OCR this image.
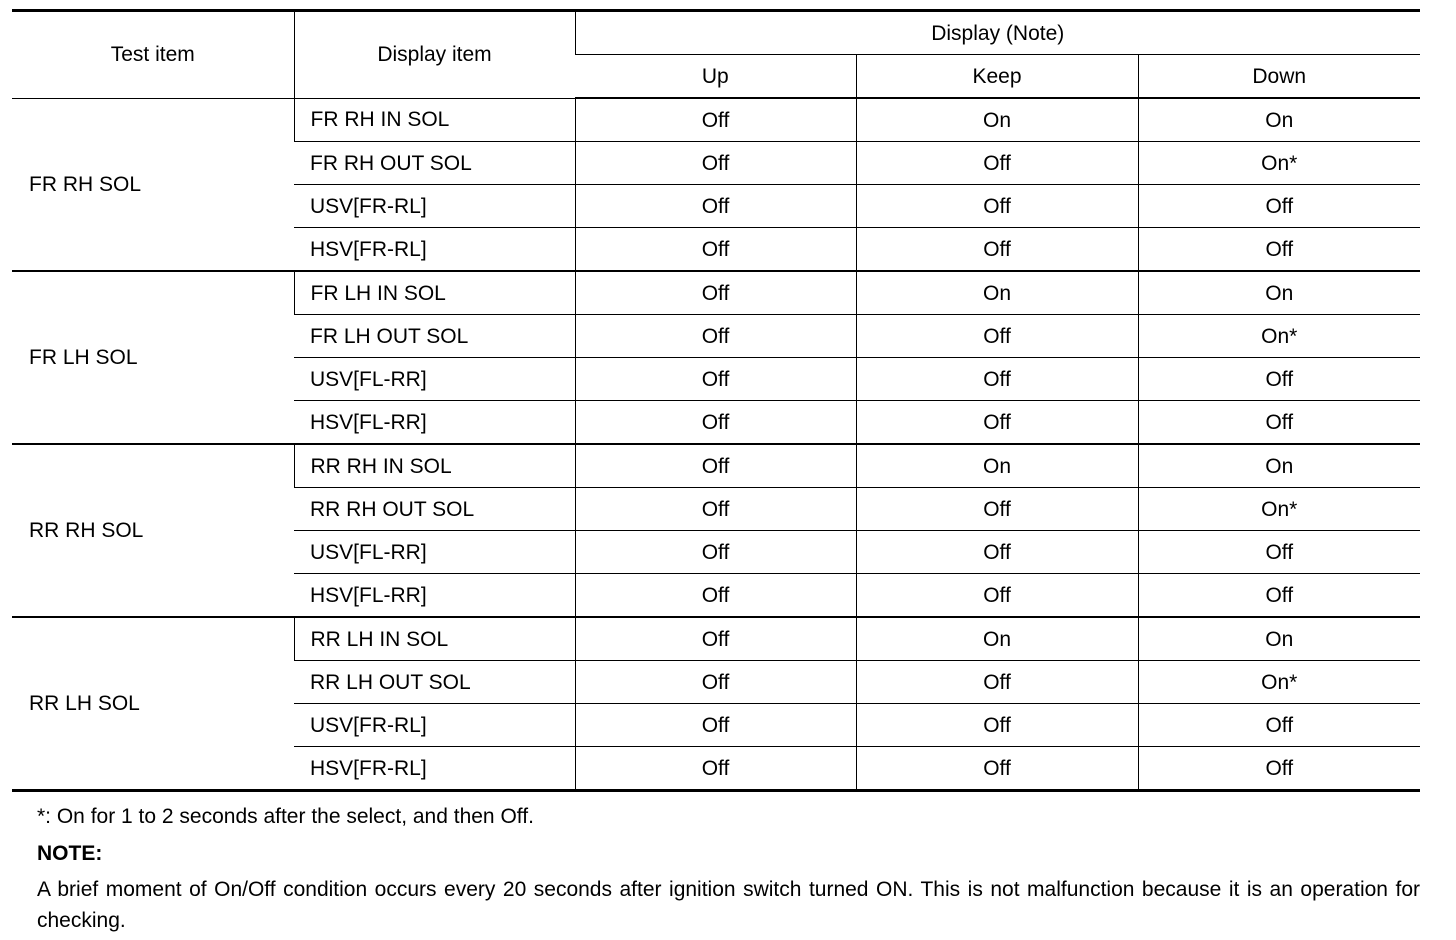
Test item	Display item	Display (Note)		
		Up	Keep	Down
FR RH SOL	FR RH IN SOL	Off	On	On
	FR RH OUT SOL	Off	Off	On*
	USV[FR-RL]	Off	Off	Off
	HSV[FR-RL]	Off	Off	Off
FR LH SOL	FR LH IN SOL	Off	On	On
	FR LH OUT SOL	Off	Off	On*
	USV[FL-RR]	Off	Off	Off
	HSV[FL-RR]	Off	Off	Off
RR RH SOL	RR RH IN SOL	Off	On	On
	RR RH OUT SOL	Off	Off	On*
	USV[FL-RR]	Off	Off	Off
	HSV[FL-RR]	Off	Off	Off
RR LH SOL	RR LH IN SOL	Off	On	On
	RR LH OUT SOL	Off	Off	On*
	USV[FR-RL]	Off	Off	Off
	HSV[FR-RL]	Off	Off	Off
*: On for 1 to 2 seconds after the select, and then Off.
NOTE:
A brief moment of On/Off condition occurs every 20 seconds after ignition switch turned ON. This is not malfunction because it is an operation for checking.
